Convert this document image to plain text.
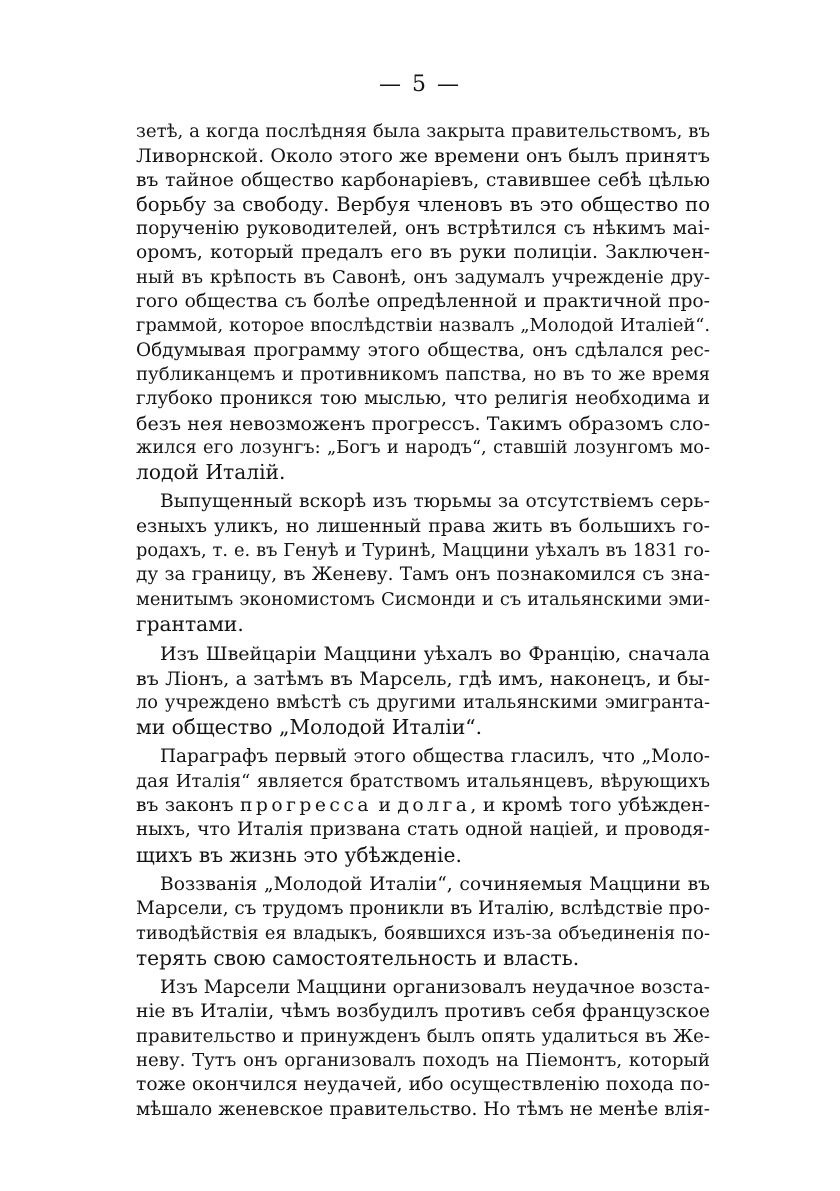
— 5 —
зетѣ, а когда послѣдняя была закрыта правительствомъ, въ
Ливорнской. Около этого же времени онъ былъ принятъ
въ тайное общество карбонаріевъ, ставившее себѣ цѣлью
борьбу за свободу. Вербуя членовъ въ это общество по
порученію руководителей, онъ встрѣтился съ нѣкимъ маі-
оромъ, который предалъ его въ руки полиціи. Заключен-
ный въ крѣпость въ Савонѣ, онъ задумалъ учрежденіе дру-
гого общества съ болѣе опредѣленной и практичной про-
граммой, которое впослѣдствіи назвалъ „Молодой Италіей“.
Обдумывая программу этого общества, онъ сдѣлался рес-
публиканцемъ и противникомъ папства, но въ то же время
глубоко проникся тою мыслью, что религія необходима и
безъ нея невозможенъ прогрессъ. Такимъ образомъ сло-
жился его лозунгъ: „Богъ и народъ“, ставшій лозунгомъ мо-
лодой Италій.
Выпущенный вскорѣ изъ тюрьмы за отсутствіемъ серь-
езныхъ уликъ, но лишенный права жить въ большихъ го-
родахъ, т. е. въ Генуѣ и Туринѣ, Маццини уѣхалъ въ 1831 го-
ду за границу, въ Женеву. Тамъ онъ познакомился съ зна-
менитымъ экономистомъ Сисмонди и съ итальянскими эми-
грантами.
Изъ Швейцаріи Маццини уѣхалъ во Францію, сначала
въ Ліонъ, а затѣмъ въ Марсель, гдѣ имъ, наконецъ, и бы-
ло учреждено вмѣстѣ съ другими итальянскими эмигранта-
ми общество „Молодой Италіи“.
Параграфъ первый этого общества гласилъ, что „Моло-
дая Италія“ является братствомъ итальянцевъ, вѣрующихъ
въ законъ прогресса и долга, и кромѣ того убѣжден-
ныхъ, что Италія призвана стать одной націей, и проводя-
щихъ въ жизнь это убѣжденіе.
Воззванія „Молодой Италіи“, сочиняемыя Маццини въ
Марсели, съ трудомъ проникли въ Италію, вслѣдствіе про-
тиводѣйствія ея владыкъ, боявшихся изъ-за объединенія по-
терять свою самостоятельность и власть.
Изъ Марсели Маццини организовалъ неудачное возста-
ніе въ Италіи, чѣмъ возбудилъ противъ себя французское
правительство и принужденъ былъ опять удалиться въ Же-
неву. Тутъ онъ организовалъ походъ на Піемонтъ, который
тоже окончился неудачей, ибо осуществленію похода по-
мѣшало женевское правительство. Но тѣмъ не менѣе влія-
